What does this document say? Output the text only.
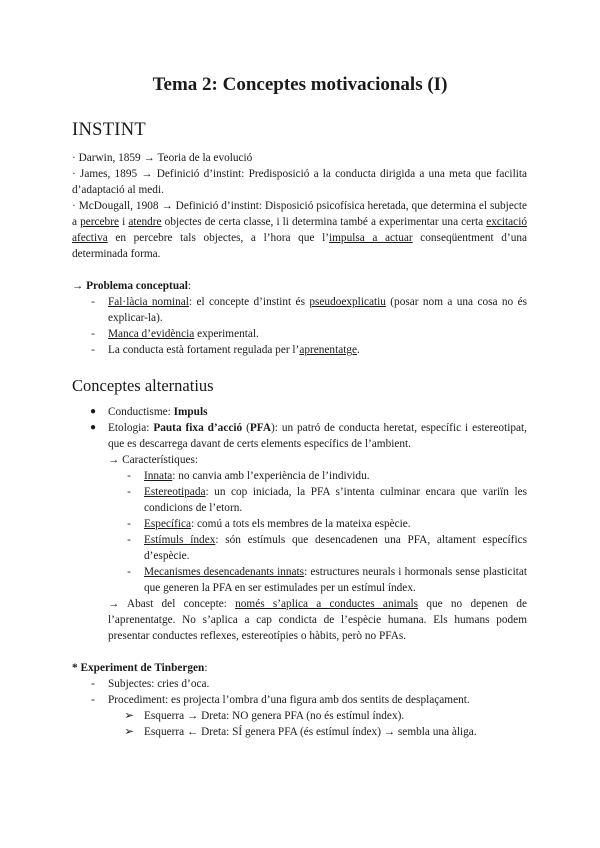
Tema 2: Conceptes motivacionals (I)
INSTINT

· Darwin, 1859 → Teoria de la evolució

· James, 1895 → Definició d’instint: Predisposició a la conducta dirigida a una meta que facilita d’adaptació al medi.

· McDougall, 1908 → Definició d’instint: Disposició psicofísica heretada, que determina el subjecte a percebre i atendre objectes de certa classe, i li determina també a experimentar una certa excitació afectiva en percebre tals objectes, a l’hora que l’impulsa a actuar conseqüentment d’una determinada forma.

→ Problema conceptual:

-	Fal·làcia nominal: el concepte d’instint és pseudoexplicatiu (posar nom a una cosa no és explicar-la).
-	Manca d’evidència experimental.
-	La conducta està fortament regulada per l’aprenentatge.
Conceptes alternatius
●	Conductisme: Impuls
●	Etologia: Pauta fixa d’acció (PFA): un patró de conducta heretat, específic i estereotipat, que es descarrega davant de certs elements específics de l’ambient.
→ Característiques:
-	Innata: no canvia amb l’experiència de l’individu.
-	Estereotipada: un cop iniciada, la PFA s’intenta culminar encara que variïn les condicions de l’etorn.
-	Específica: comú a tots els membres de la mateixa espècie.
-	Estímuls índex: són estímuls que desencadenen una PFA, altament específics d’espècie.
-	Mecanismes desencadenants innats: estructures neurals i hormonals sense plasticitat que generen la PFA en ser estimulades per un estímul índex.
→ Abast del concepte: només s’aplica a conductes animals que no depenen de l’aprenentatge. No s’aplica a cap condicta de l’espècie humana. Els humans podem presentar conductes reflexes, estereotípies o hàbits, però no PFAs.

* Experiment de Tinbergen:

-	Subjectes: cries d’oca.
-	Procediment: es projecta l’ombra d’una figura amb dos sentits de desplaçament.
➢ Esquerra → Dreta: NO genera PFA (no és estímul índex).
➢ Esquerra ← Dreta: SÍ genera PFA (és estímul índex) → sembla una àliga.
